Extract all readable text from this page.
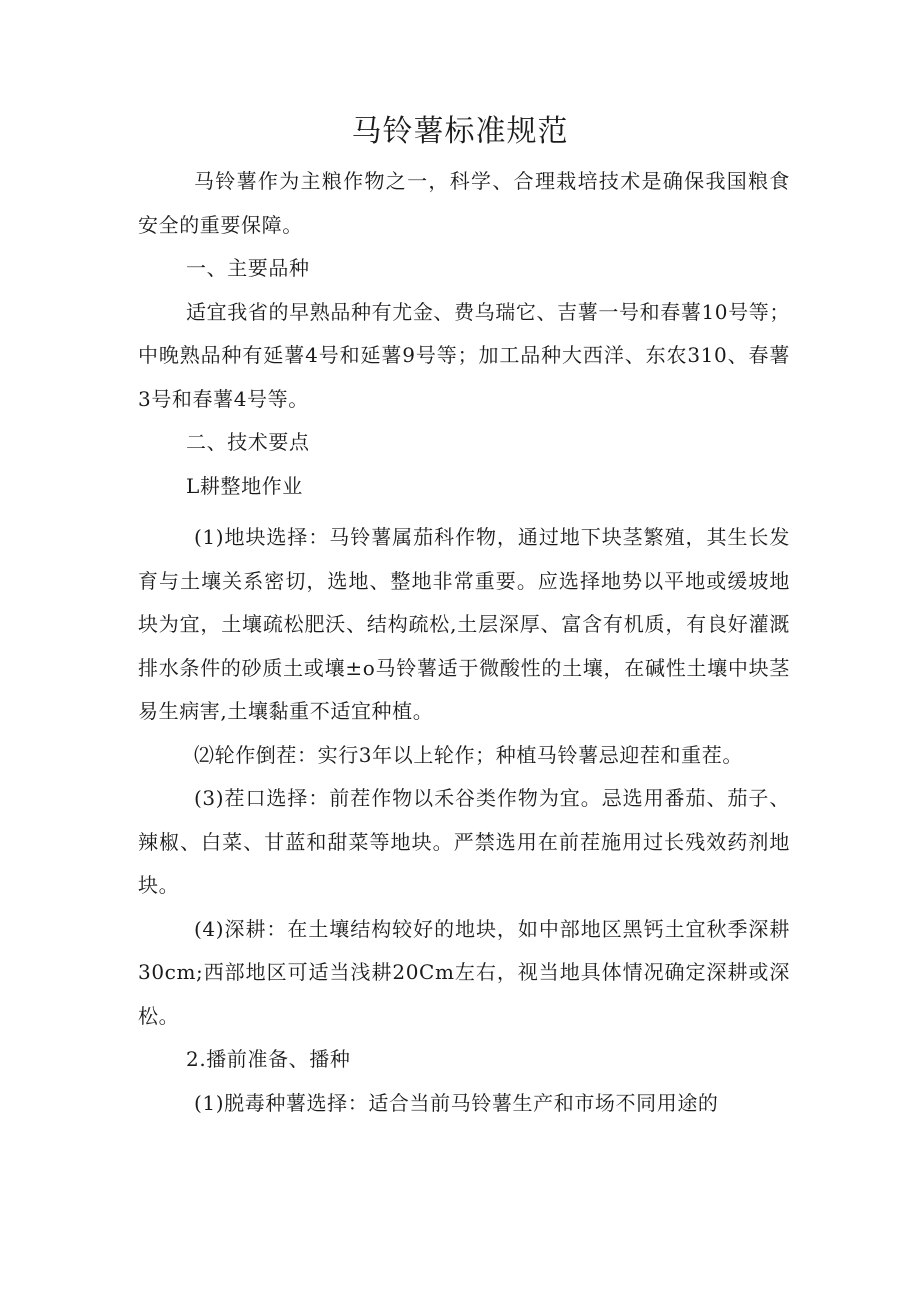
马铃薯标准规范

马铃薯作为主粮作物之一，科学、合理栽培技术是确保我国粮食安全的重要保障。

一、主要品种

适宜我省的早熟品种有尤金、费乌瑞它、吉薯一号和春薯10号等；中晚熟品种有延薯4号和延薯9号等；加工品种大西洋、东农310、春薯3号和春薯4号等。

二、技术要点

L耕整地作业

(1)地块选择：马铃薯属茄科作物，通过地下块茎繁殖，其生长发育与土壤关系密切，选地、整地非常重要。应选择地势以平地或缓坡地块为宜，土壤疏松肥沃、结构疏松,土层深厚、富含有机质，有良好灌溉排水条件的砂质土或壤±o马铃薯适于微酸性的土壤，在碱性土壤中块茎易生病害,土壤黏重不适宜种植。

⑵轮作倒茬：实行3年以上轮作；种植马铃薯忌迎茬和重茬。

(3)茬口选择：前茬作物以禾谷类作物为宜。忌选用番茄、茄子、辣椒、白菜、甘蓝和甜菜等地块。严禁选用在前茬施用过长残效药剂地块。

(4)深耕：在土壤结构较好的地块，如中部地区黑钙土宜秋季深耕30cm;西部地区可适当浅耕20Cm左右，视当地具体情况确定深耕或深松。

2.播前准备、播种

(1)脱毒种薯选择：适合当前马铃薯生产和市场不同用途的
